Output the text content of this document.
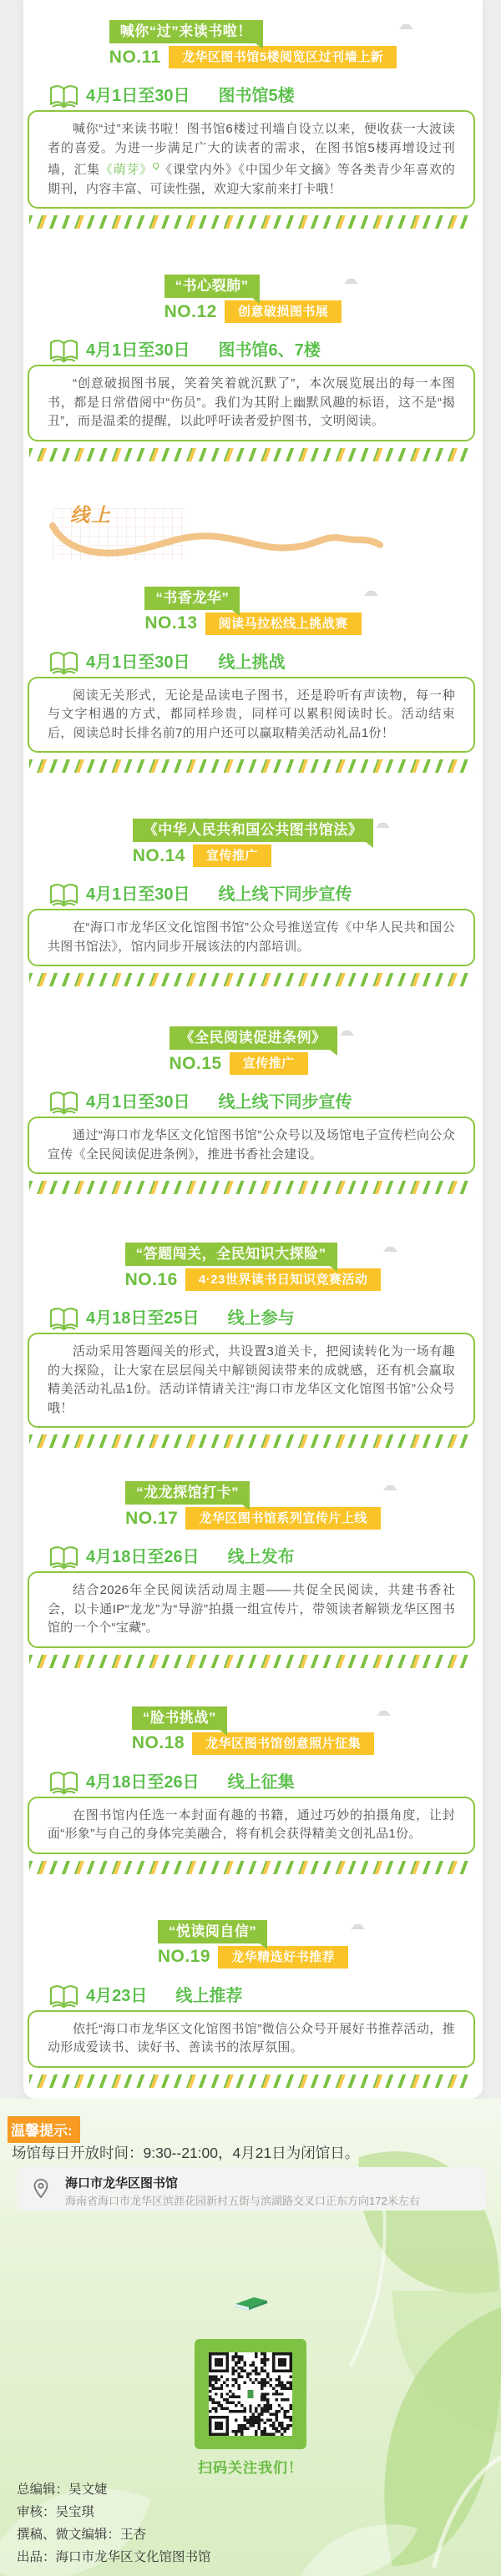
喊你“过”来读书啦！
NO.11	龙华区图书馆5楼阅览区过刊墙上新
4月1日至30日 图书馆5楼

喊你“过”来读书啦！图书馆6楼过刊墙自设立以来，便收获一大波读者的喜爱。为进一步满足广大的读者的需求，在图书馆5楼再增设过刊墙，汇集《萌芽》$^Q$《课堂内外》《中国少年文摘》等各类青少年喜欢的期刊，内容丰富、可读性强，欢迎大家前来打卡哦！

“书心裂肺”
NO.12	创意破损图书展
4月1日至30日 图书馆6、7楼

“创意破损图书展，笑着笑着就沉默了”，本次展览展出的每一本图书，都是日常借阅中“伤员”。我们为其附上幽默风趣的标语，这不是“揭丑”，而是温柔的提醒，以此呼吁读者爱护图书，文明阅读。

线上
“书香龙华”
NO.13	阅读马拉松线上挑战赛
4月1日至30日 线上挑战

阅读无关形式，无论是品读电子图书，还是聆听有声读物，每一种与文字相遇的方式，都同样珍贵，同样可以累积阅读时长。活动结束后，阅读总时长排名前7的用户还可以赢取精美活动礼品1份！

《中华人民共和国公共图书馆法》
NO.14	宣传推广
4月1日至30日 线上线下同步宣传

在“海口市龙华区文化馆图书馆”公众号推送宣传《中华人民共和国公共图书馆法》，馆内同步开展该法的内部培训。

《全民阅读促进条例》
NO.15	宣传推广
4月1日至30日 线上线下同步宣传

通过“海口市龙华区文化馆图书馆”公众号以及场馆电子宣传栏向公众宣传《全民阅读促进条例》，推进书香社会建设。

“答题闯关，全民知识大探险”
NO.16	4·23世界读书日知识竞赛活动
4月18日至25日 线上参与

活动采用答题闯关的形式，共设置3道关卡，把阅读转化为一场有趣的大探险，让大家在层层闯关中解锁阅读带来的成就感，还有机会赢取精美活动礼品1份。活动详情请关注“海口市龙华区文化馆图书馆”公众号哦！

“龙龙探馆打卡”
NO.17	龙华区图书馆系列宣传片上线
4月18日至26日 线上发布

结合2026年全民阅读活动周主题——共促全民阅读，共建书香社会，以卡通IP“龙龙”为“导游”拍摄一组宣传片，带领读者解锁龙华区图书馆的一个个“宝藏”。

“脸书挑战”
NO.18	龙华区图书馆创意照片征集
4月18日至26日 线上征集

在图书馆内任选一本封面有趣的书籍，通过巧妙的拍摄角度，让封面“形象”与自己的身体完美融合，将有机会获得精美文创礼品1份。

“悦读阅自信”
NO.19	龙华精选好书推荐
4月23日 线上推荐

依托“海口市龙华区文化馆图书馆”微信公众号开展好书推荐活动，推动形成爱读书、读好书、善读书的浓厚氛围。

温馨提示:
场馆每日开放时间：9:30--21:00，4月21日为闭馆日。
海口市龙华区图书馆
海南省海口市龙华区滨涯花园新村五街与滨湖路交叉口正东方向172米左右
扫码关注我们！
总编辑：吴文婕
审核：吴宝琪
撰稿、微文编辑：王杏
出品：海口市龙华区文化馆图书馆
